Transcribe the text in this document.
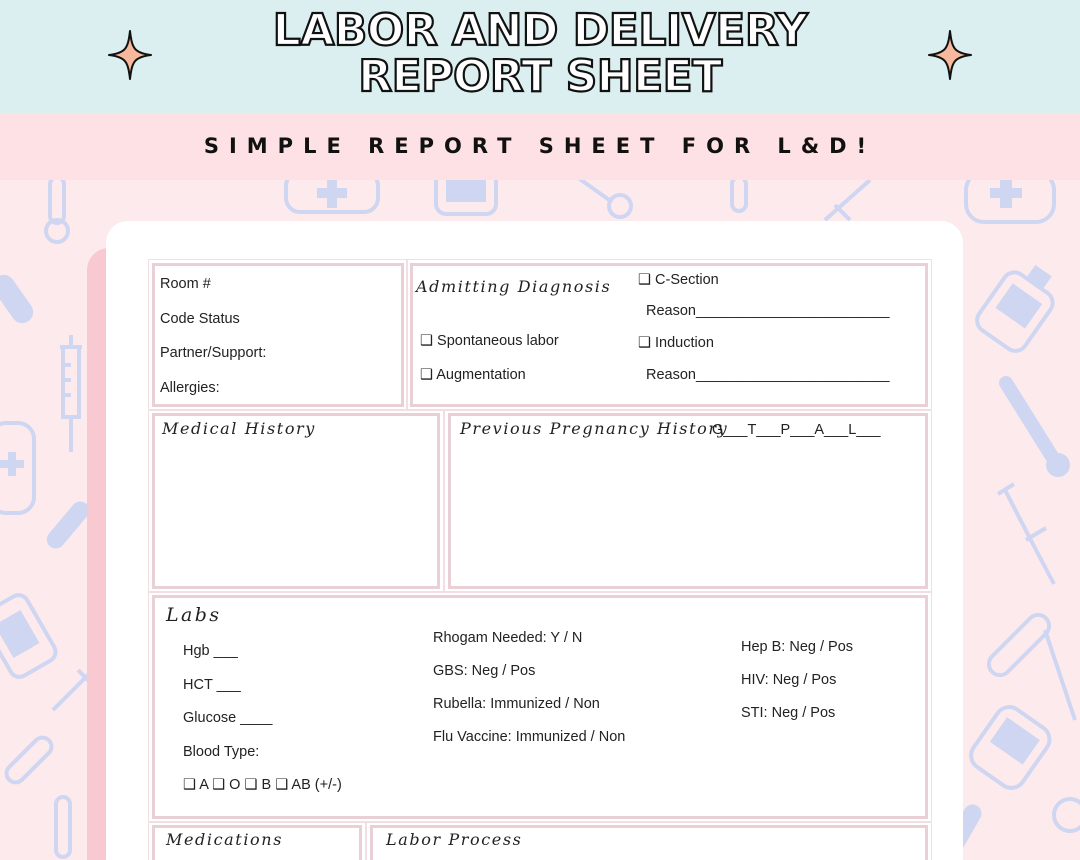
LABOR AND DELIVERY
REPORT SHEET
SIMPLE REPORT SHEET FOR L&D!
Room #
Code Status
Partner/Support:
Allergies:
Admitting Diagnosis
❑ Spontaneous labor
❑ Augmentation
❑ C-Section
Reason________________________
❑ Induction
Reason________________________
Medical History	Previous Pregnancy History
G___T___P___A___L___
Labs
Hgb ___
HCT ___
Glucose ____
Blood Type:
❑ A ❑ O ❑ B ❑ AB (+/-)
Rhogam Needed: Y / N
GBS: Neg / Pos
Rubella: Immunized / Non
Flu Vaccine: Immunized / Non
Hep B: Neg / Pos
HIV: Neg / Pos
STI: Neg / Pos
Medications	Labor Process
